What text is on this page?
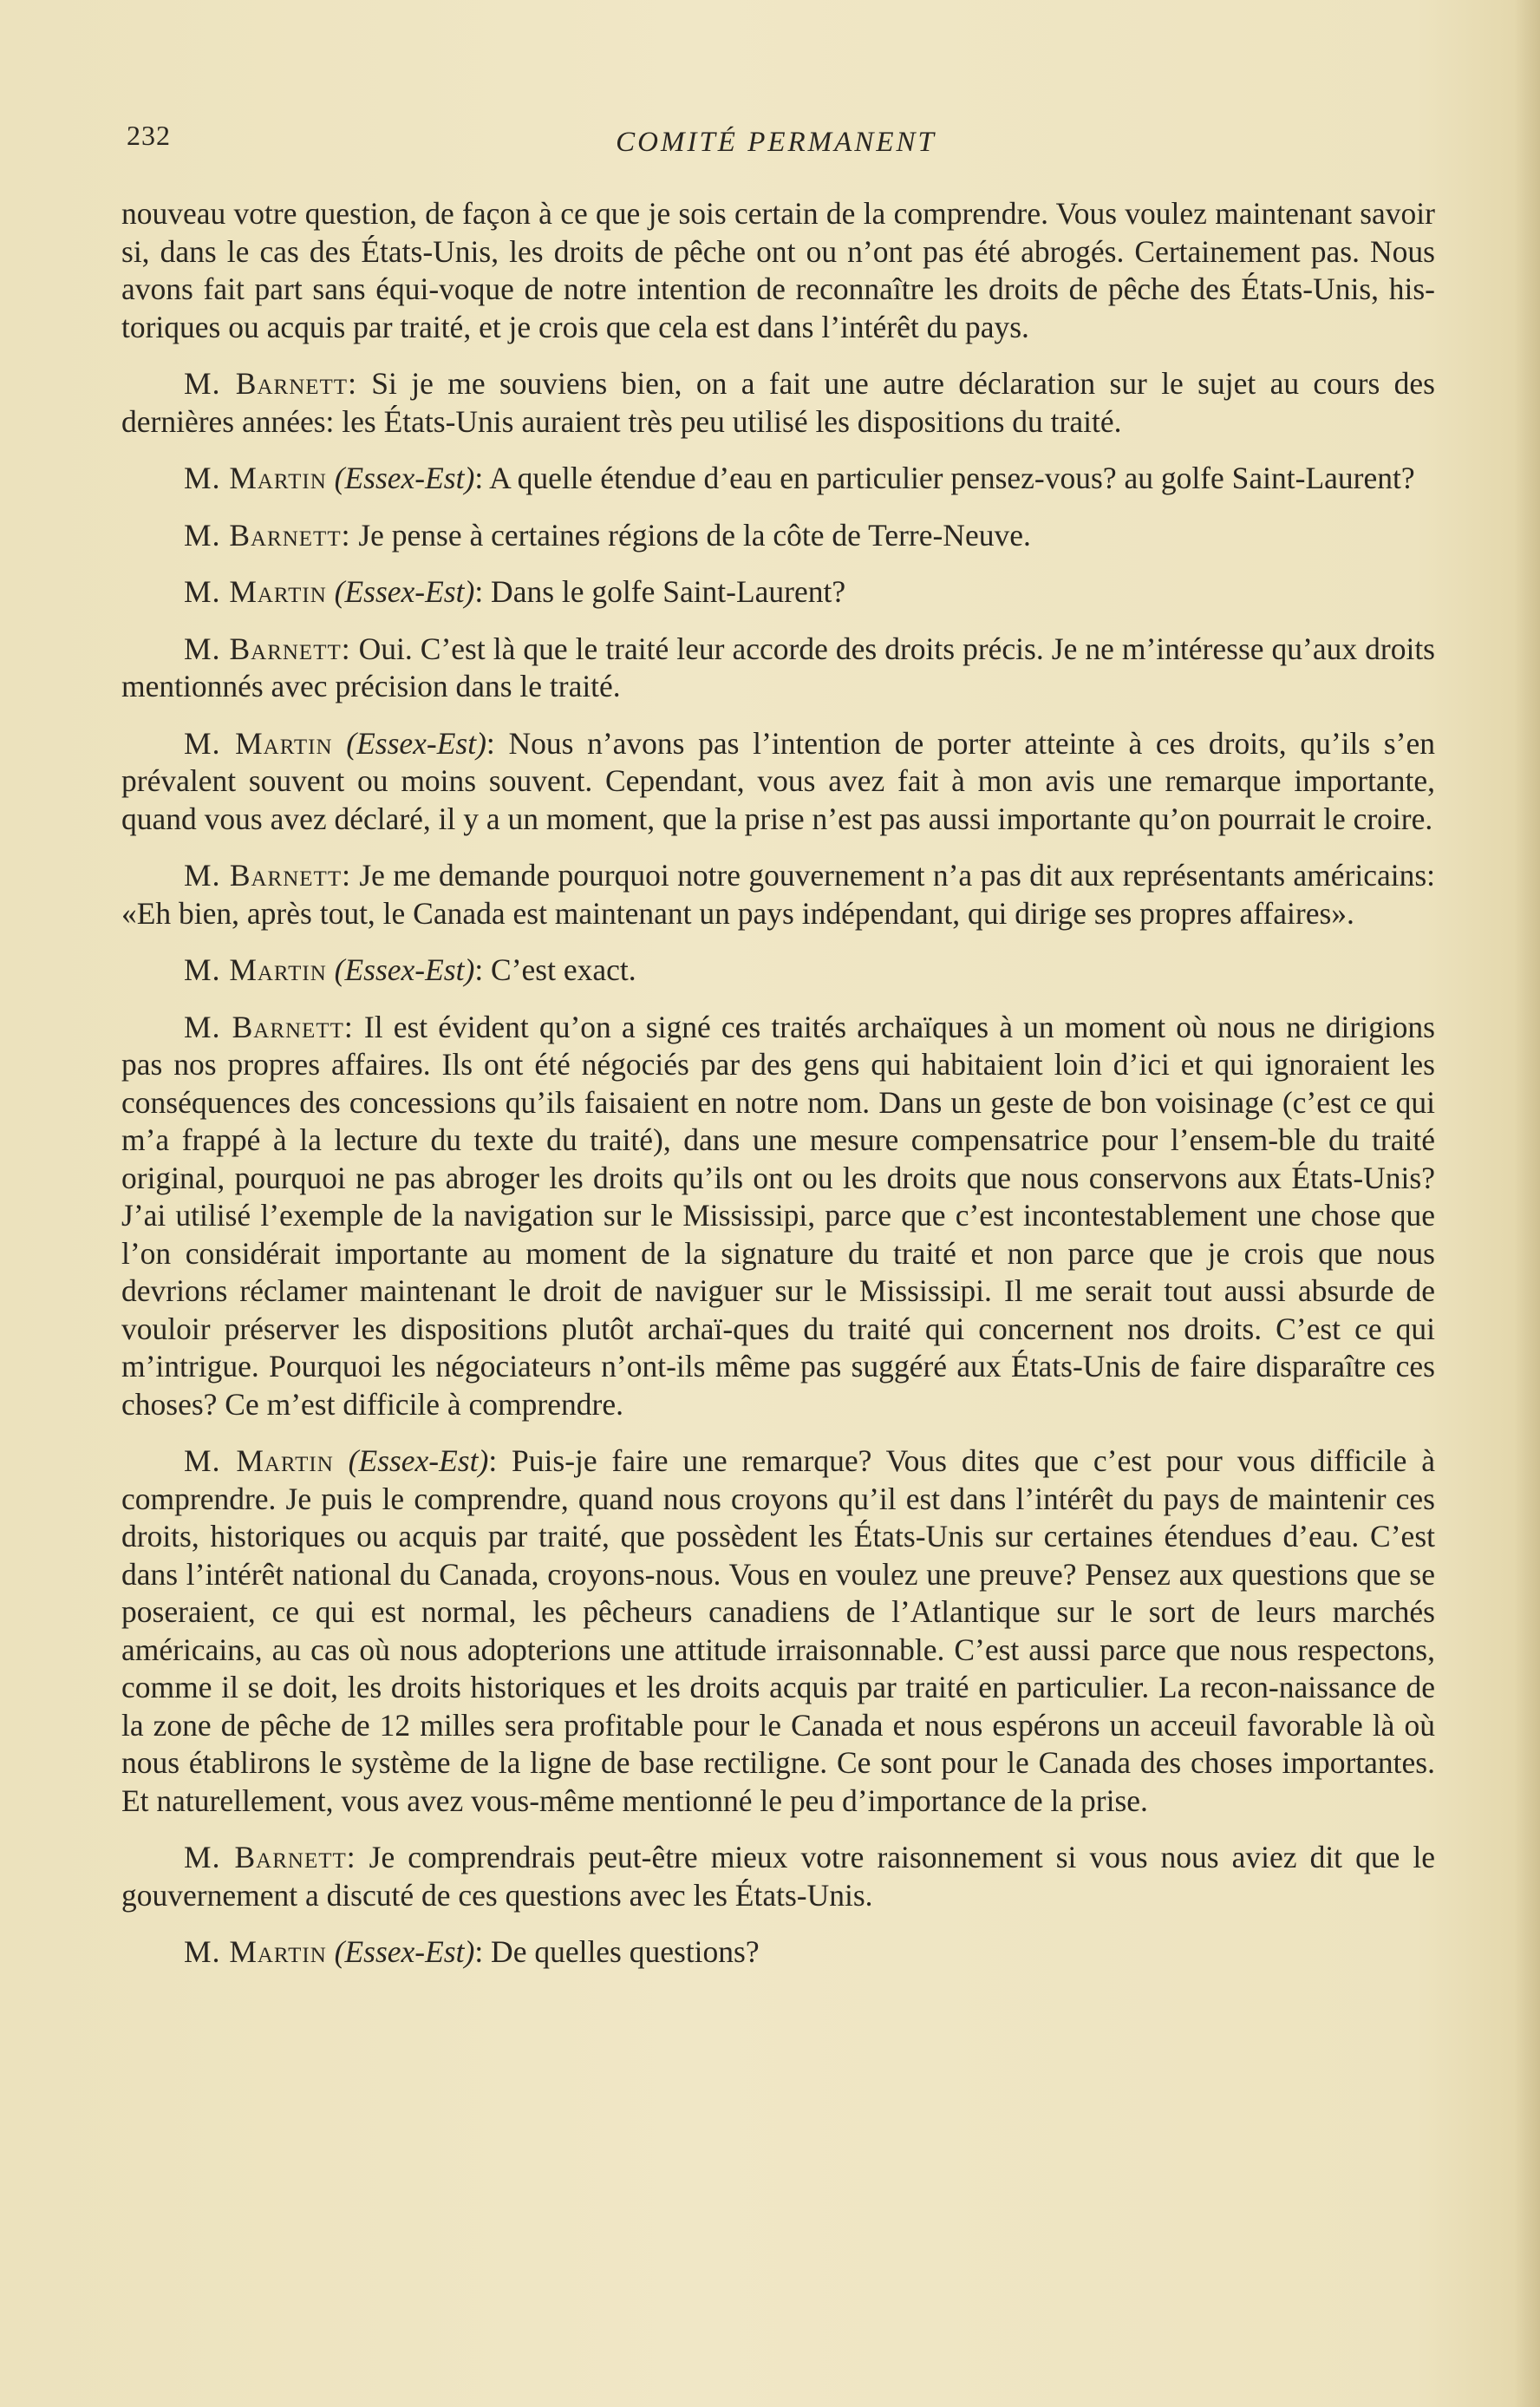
232	COMITÉ PERMANENT

nouveau votre question, de façon à ce que je sois certain de la comprendre. Vous voulez maintenant savoir si, dans le cas des États-Unis, les droits de pêche ont ou n’ont pas été abrogés. Certainement pas. Nous avons fait part sans équi-voque de notre intention de reconnaître les droits de pêche des États-Unis, his-toriques ou acquis par traité, et je crois que cela est dans l’intérêt du pays.

M. Barnett: Si je me souviens bien, on a fait une autre déclaration sur le sujet au cours des dernières années: les États-Unis auraient très peu utilisé les dispositions du traité.

M. Martin (Essex-Est): A quelle étendue d’eau en particulier pensez-vous? au golfe Saint-Laurent?

M. Barnett: Je pense à certaines régions de la côte de Terre-Neuve.

M. Martin (Essex-Est): Dans le golfe Saint-Laurent?

M. Barnett: Oui. C’est là que le traité leur accorde des droits précis. Je ne m’intéresse qu’aux droits mentionnés avec précision dans le traité.

M. Martin (Essex-Est): Nous n’avons pas l’intention de porter atteinte à ces droits, qu’ils s’en prévalent souvent ou moins souvent. Cependant, vous avez fait à mon avis une remarque importante, quand vous avez déclaré, il y a un moment, que la prise n’est pas aussi importante qu’on pourrait le croire.

M. Barnett: Je me demande pourquoi notre gouvernement n’a pas dit aux représentants américains: «Eh bien, après tout, le Canada est maintenant un pays indépendant, qui dirige ses propres affaires».

M. Martin (Essex-Est): C’est exact.

M. Barnett: Il est évident qu’on a signé ces traités archaïques à un moment où nous ne dirigions pas nos propres affaires. Ils ont été négociés par des gens qui habitaient loin d’ici et qui ignoraient les conséquences des concessions qu’ils faisaient en notre nom. Dans un geste de bon voisinage (c’est ce qui m’a frappé à la lecture du texte du traité), dans une mesure compensatrice pour l’ensem-ble du traité original, pourquoi ne pas abroger les droits qu’ils ont ou les droits que nous conservons aux États-Unis? J’ai utilisé l’exemple de la navigation sur le Mississipi, parce que c’est incontestablement une chose que l’on considérait importante au moment de la signature du traité et non parce que je crois que nous devrions réclamer maintenant le droit de naviguer sur le Mississipi. Il me serait tout aussi absurde de vouloir préserver les dispositions plutôt archaï-ques du traité qui concernent nos droits. C’est ce qui m’intrigue. Pourquoi les négociateurs n’ont-ils même pas suggéré aux États-Unis de faire disparaître ces choses? Ce m’est difficile à comprendre.

M. Martin (Essex-Est): Puis-je faire une remarque? Vous dites que c’est pour vous difficile à comprendre. Je puis le comprendre, quand nous croyons qu’il est dans l’intérêt du pays de maintenir ces droits, historiques ou acquis par traité, que possèdent les États-Unis sur certaines étendues d’eau. C’est dans l’intérêt national du Canada, croyons-nous. Vous en voulez une preuve? Pensez aux questions que se poseraient, ce qui est normal, les pêcheurs canadiens de l’Atlantique sur le sort de leurs marchés américains, au cas où nous adopterions une attitude irraisonnable. C’est aussi parce que nous respectons, comme il se doit, les droits historiques et les droits acquis par traité en particulier. La recon-naissance de la zone de pêche de 12 milles sera profitable pour le Canada et nous espérons un acceuil favorable là où nous établirons le système de la ligne de base rectiligne. Ce sont pour le Canada des choses importantes. Et naturellement, vous avez vous-même mentionné le peu d’importance de la prise.

M. Barnett: Je comprendrais peut-être mieux votre raisonnement si vous nous aviez dit que le gouvernement a discuté de ces questions avec les États-Unis.

M. Martin (Essex-Est): De quelles questions?
